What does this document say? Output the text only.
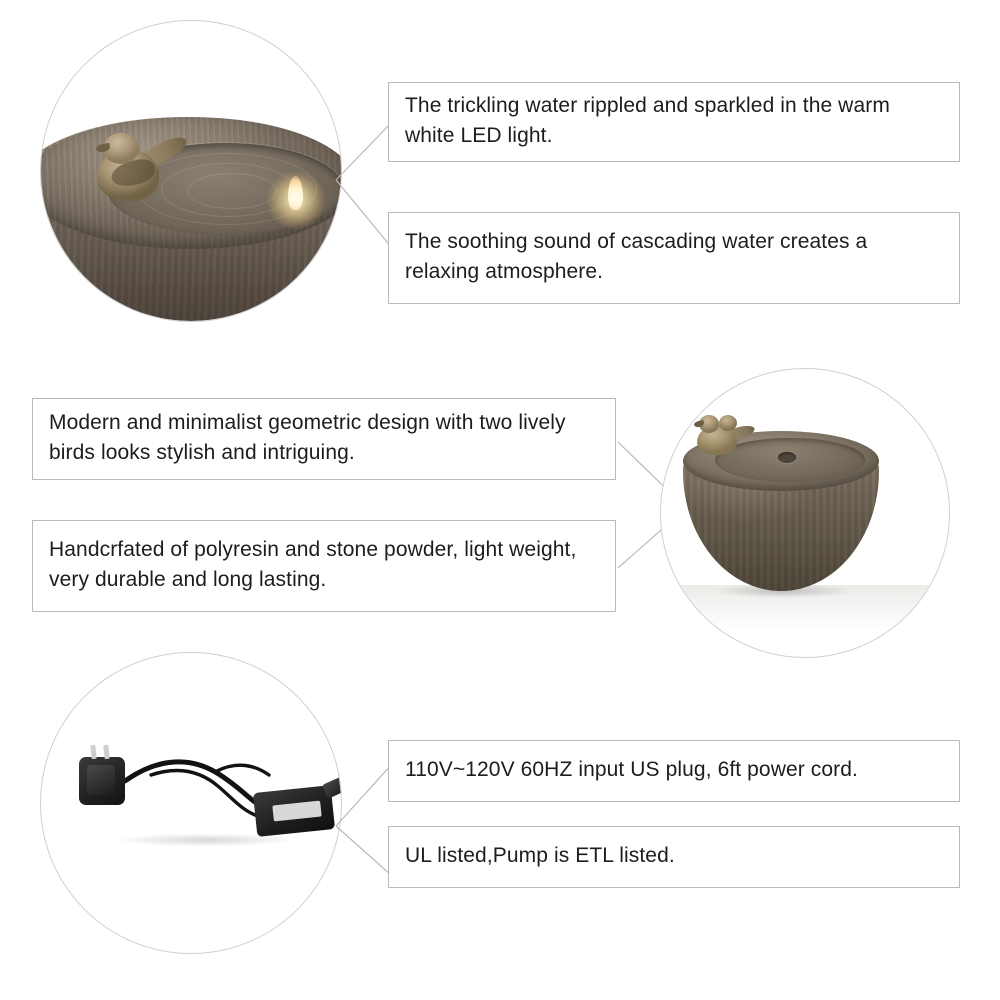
The trickling water rippled and sparkled in the warm white LED light.
The soothing sound of cascading water creates a relaxing atmosphere.
Modern and minimalist geometric design with two lively birds looks stylish and intriguing.
Handcrfated of polyresin and stone powder, light weight, very durable and long lasting.
110V~120V 60HZ input US plug, 6ft power cord.
UL listed,Pump is ETL listed.
